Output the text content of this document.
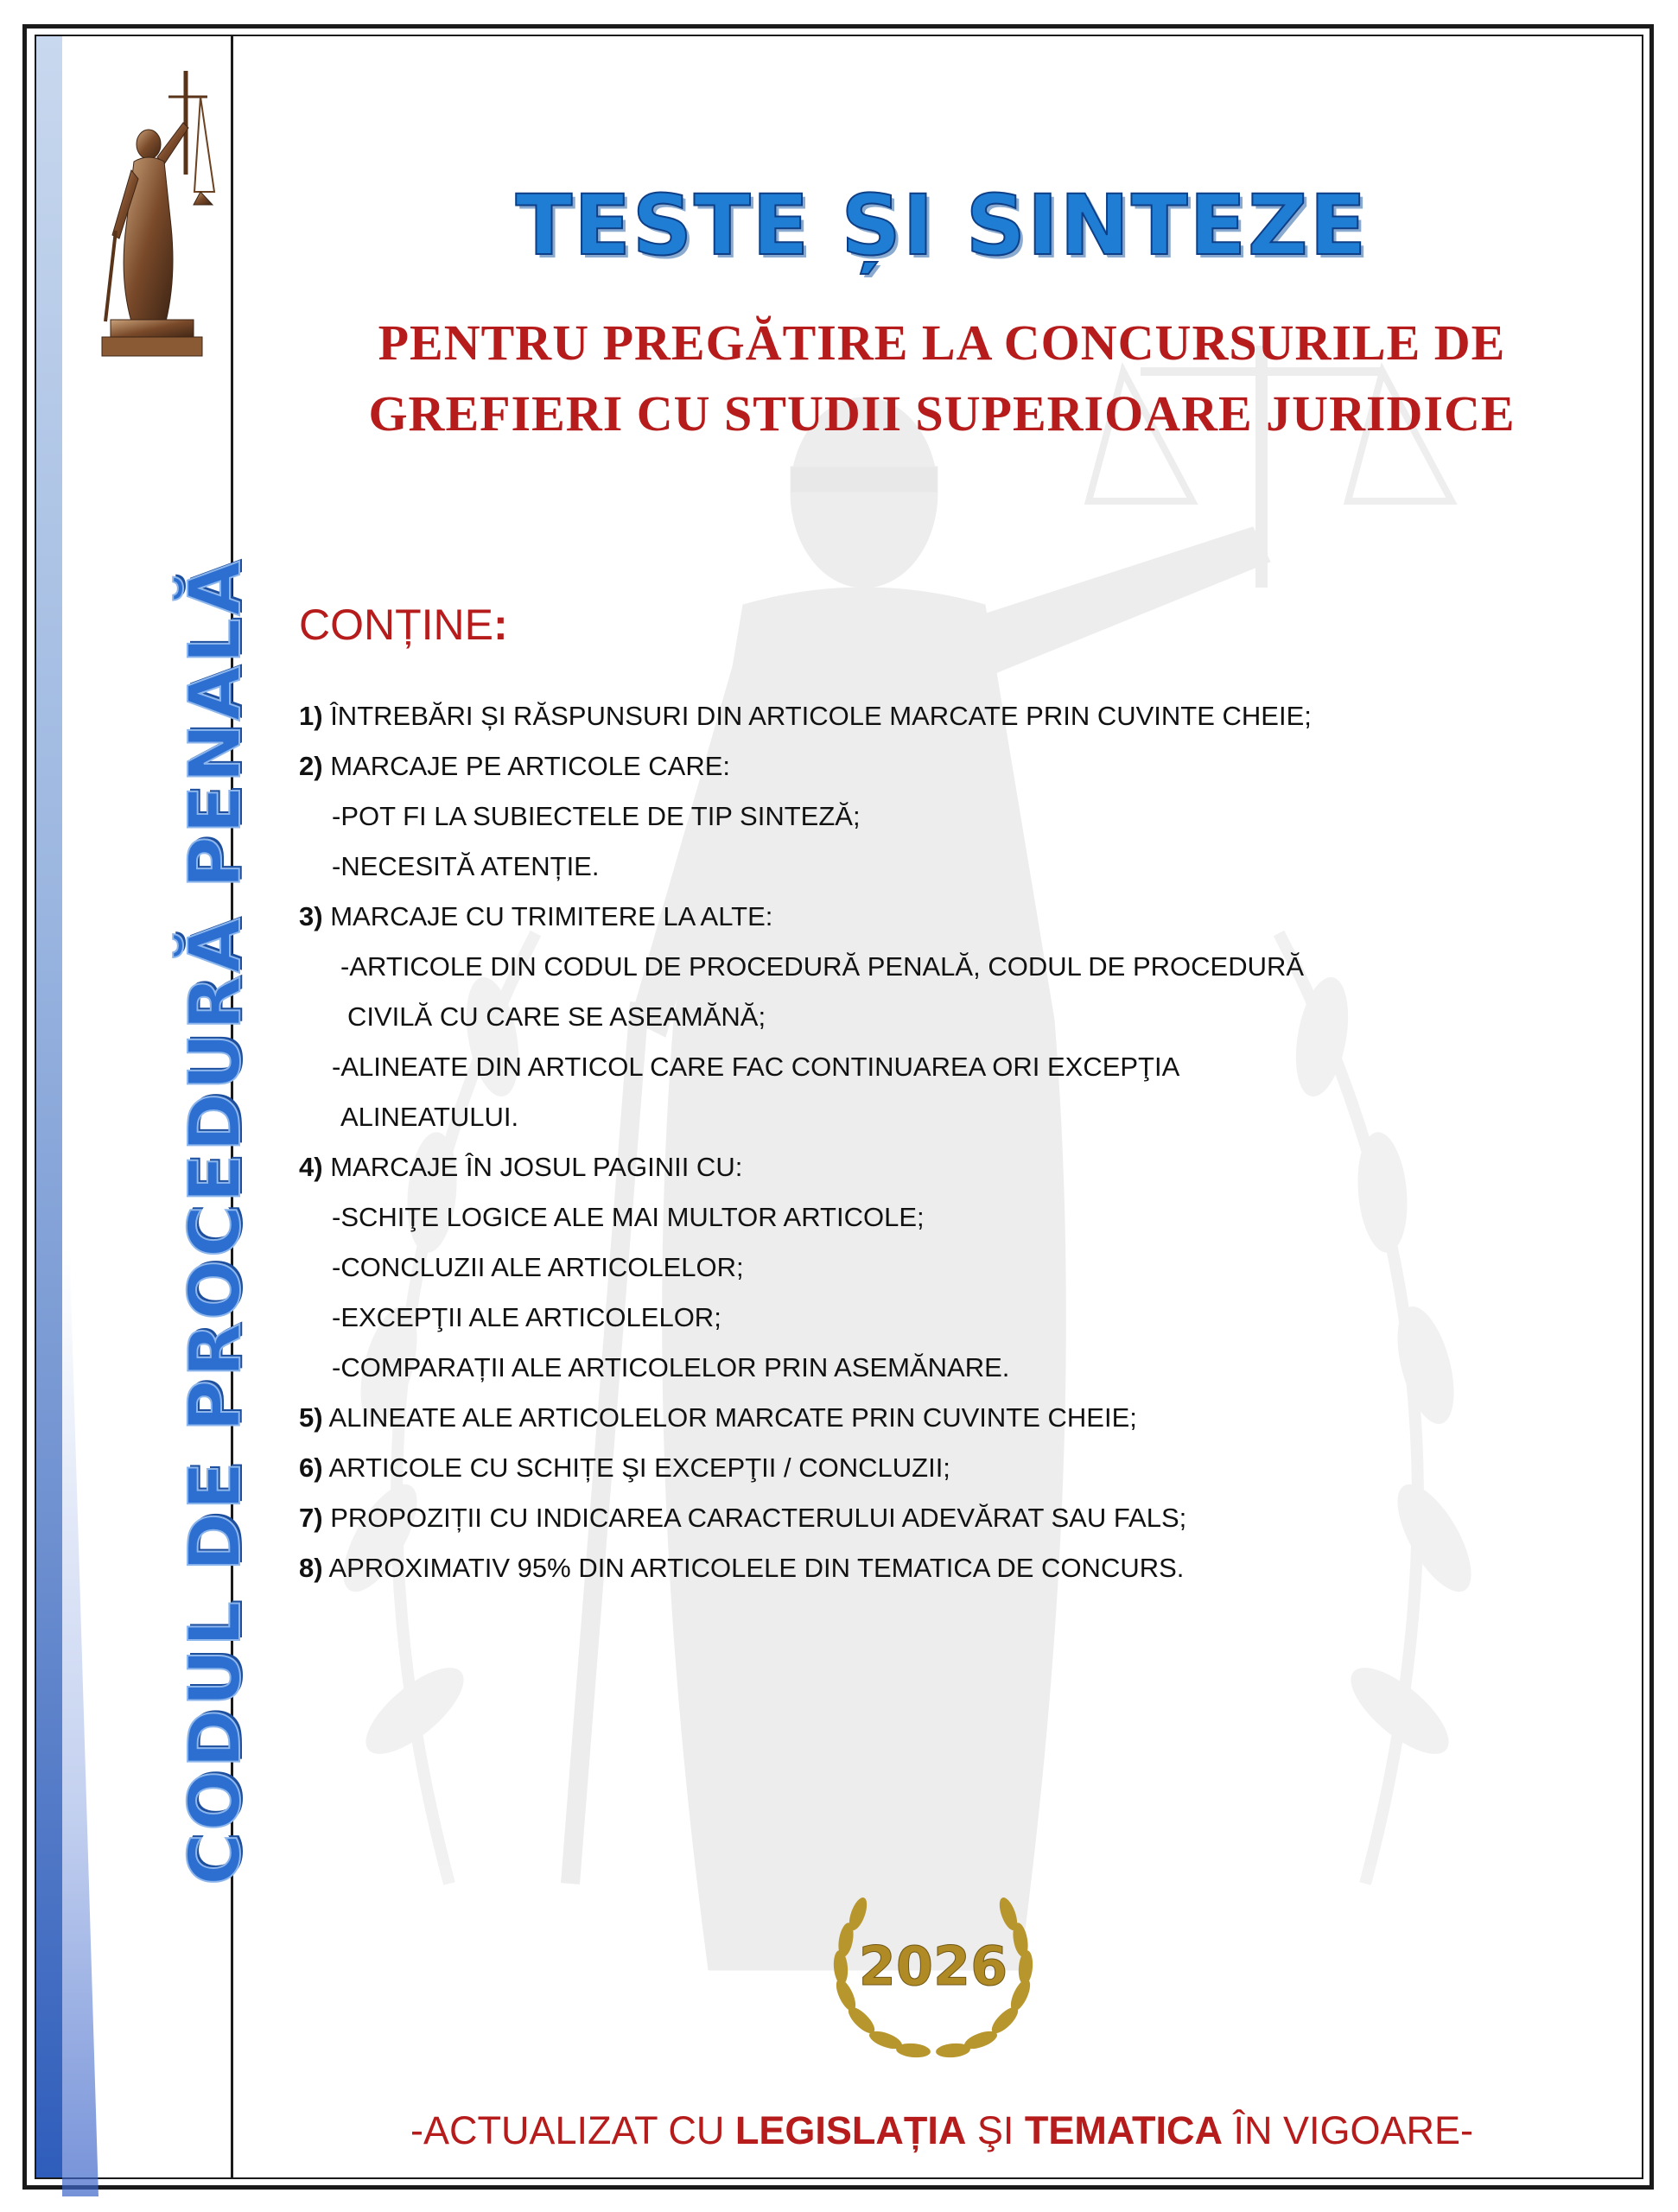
CODUL DE PROCEDURĂ PENALĂ
TESTE ȘI SINTEZE
PENTRU PREGĂTIRE LA CONCURSURILE DE
GREFIERI CU STUDII SUPERIOARE JURIDICE
CONȚINE:
1) ÎNTREBĂRI ȘI RĂSPUNSURI DIN ARTICOLE MARCATE PRIN CUVINTE CHEIE;
2) MARCAJE PE ARTICOLE CARE:
-POT FI LA SUBIECTELE DE TIP SINTEZĂ;
-NECESITĂ ATENȚIE.
3) MARCAJE CU TRIMITERE LA ALTE:
-ARTICOLE DIN CODUL DE PROCEDURĂ PENALĂ, CODUL DE PROCEDURĂ
CIVILĂ CU CARE SE ASEAMĂNĂ;
-ALINEATE DIN ARTICOL CARE FAC CONTINUAREA ORI EXCEPŢIA
ALINEATULUI.
4) MARCAJE ÎN JOSUL PAGINII CU:
-SCHIŢE LOGICE ALE MAI MULTOR ARTICOLE;
-CONCLUZII ALE ARTICOLELOR;
-EXCEPŢII ALE ARTICOLELOR;
-COMPARAȚII ALE ARTICOLELOR PRIN ASEMĂNARE.
5) ALINEATE ALE ARTICOLELOR MARCATE PRIN CUVINTE CHEIE;
6) ARTICOLE CU SCHIȚE ŞI EXCEPŢII / CONCLUZII;
7) PROPOZIȚII CU INDICAREA CARACTERULUI ADEVĂRAT SAU FALS;
8) APROXIMATIV 95% DIN ARTICOLELE DIN TEMATICA DE CONCURS.
2026
-ACTUALIZAT CU LEGISLAȚIA ŞI TEMATICA ÎN VIGOARE-
